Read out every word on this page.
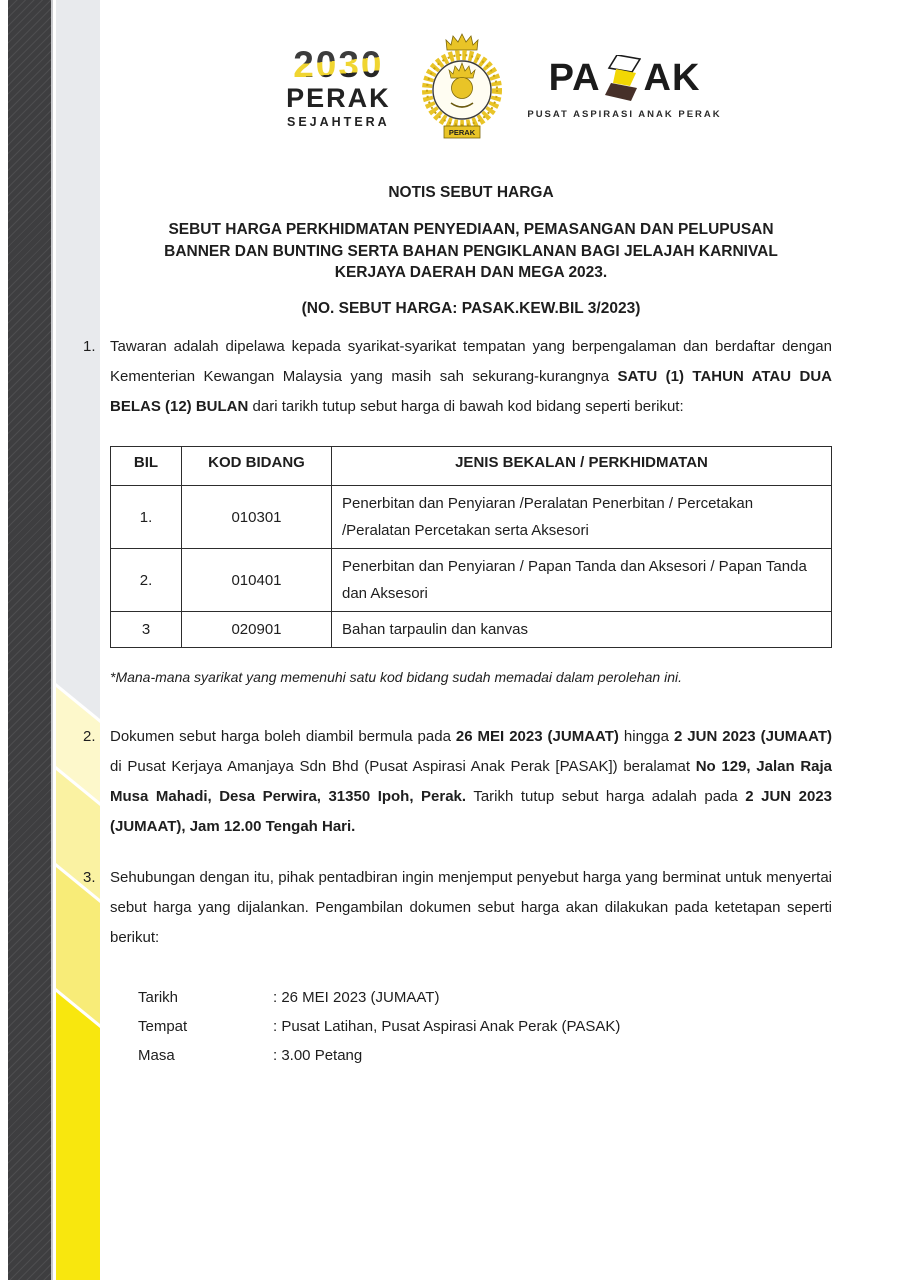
2030
PERAK
SEJAHTERA
PERAK
PA AK
PUSAT ASPIRASI ANAK PERAK
NOTIS SEBUT HARGA
SEBUT HARGA PERKHIDMATAN PENYEDIAAN, PEMASANGAN DAN PELUPUSAN
BANNER DAN BUNTING SERTA BAHAN PENGIKLANAN BAGI JELAJAH KARNIVAL
KERJAYA DAERAH DAN MEGA 2023.
(NO. SEBUT HARGA: PASAK.KEW.BIL 3/2023)
1. Tawaran adalah dipelawa kepada syarikat-syarikat tempatan yang berpengalaman dan berdaftar dengan Kementerian Kewangan Malaysia yang masih sah sekurang-kurangnya SATU (1) TAHUN ATAU DUA BELAS (12) BULAN dari tarikh tutup sebut harga di bawah kod bidang seperti berikut:

BIL	KOD BIDANG	JENIS BEKALAN / PERKHIDMATAN
1.	010301	Penerbitan dan Penyiaran /Peralatan Penerbitan / Percetakan /Peralatan Percetakan serta Aksesori
2.	010401	Penerbitan dan Penyiaran / Papan Tanda dan Aksesori / Papan Tanda dan Aksesori
3	020901	Bahan tarpaulin dan kanvas

*Mana-mana syarikat yang memenuhi satu kod bidang sudah memadai dalam perolehan ini.

2. Dokumen sebut harga boleh diambil bermula pada 26 MEI 2023 (JUMAAT) hingga 2 JUN 2023 (JUMAAT) di Pusat Kerjaya Amanjaya Sdn Bhd (Pusat Aspirasi Anak Perak [PASAK]) beralamat No 129, Jalan Raja Musa Mahadi, Desa Perwira, 31350 Ipoh, Perak. Tarikh tutup sebut harga adalah pada 2 JUN 2023 (JUMAAT), Jam 12.00 Tengah Hari.

3. Sehubungan dengan itu, pihak pentadbiran ingin menjemput penyebut harga yang berminat untuk menyertai sebut harga yang dijalankan. Pengambilan dokumen sebut harga akan dilakukan pada ketetapan seperti berikut:

Tarikh	: 26 MEI 2023 (JUMAAT)
Tempat	: Pusat Latihan, Pusat Aspirasi Anak Perak (PASAK)
Masa	: 3.00 Petang
